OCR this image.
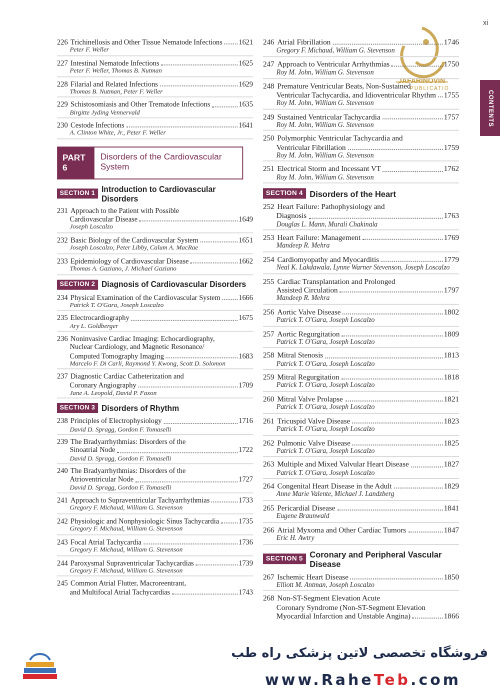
xi
CONTENTS
JAFARINOVIN
PUBLICATIO
226 Trichinellosis and Other Tissue Nematode Infections 1621
Peter F. Weller
227 Intestinal Nematode Infections	1625
Peter F. Weller, Thomas B. Nutman
228 Filarial and Related Infections	1629
Thomas B. Nutman, Peter F. Weller
229 Schistosomiasis and Other Trematode Infections	1635
Birgitte Jyding Vennervald
230 Cestode Infections	1641
A. Clinton White, Jr., Peter F. Weller
PART 6
Disorders of the Cardiovascular System
SECTION 1 Introduction to Cardiovascular Disorders
231 Approach to the Patient with Possible
Cardiovascular Disease	1649
Joseph Loscalzo
232 Basic Biology of the Cardiovascular System	1651
Joseph Loscalzo, Peter Libby, Calum A. MacRae
233 Epidemiology of Cardiovascular Disease	1662
Thomas A. Gaziano, J. Michael Gaziano
SECTION 2 Diagnosis of Cardiovascular Disorders
234 Physical Examination of the Cardiovascular System 1666
Patrick T. O'Gara, Joseph Loscalzo
235 Electrocardiography	1675
Ary L. Goldberger
236 Noninvasive Cardiac Imaging: Echocardiography,
Nuclear Cardiology, and Magnetic Resonance/
Computed Tomography Imaging	1683
Marcelo F. Di Carli, Raymond Y. Kwong, Scott D. Solomon
237 Diagnostic Cardiac Catheterization and
Coronary Angiography	1709
Jane A. Leopold, David P. Faxon
SECTION 3 Disorders of Rhythm
238 Principles of Electrophysiology	1716
David D. Spragg, Gordon F. Tomaselli
239 The Bradyarrhythmias: Disorders of the
Sinoatrial Node	1722
David D. Spragg, Gordon F. Tomaselli
240 The Bradyarrhythmias: Disorders of the
Atrioventricular Node	1727
David D. Spragg, Gordon F. Tomaselli
241 Approach to Supraventricular Tachyarrhythmias	1733
Gregory F. Michaud, William G. Stevenson
242 Physiologic and Nonphysiologic Sinus Tachycardia 1735
Gregory F. Michaud, William G. Stevenson
243 Focal Atrial Tachycardia	1736
Gregory F. Michaud, William G. Stevenson
244 Paroxysmal Supraventricular Tachycardias	1739
Gregory F. Michaud, William G. Stevenson
245 Common Atrial Flutter, Macroreentrant,
and Multifocal Atrial Tachycardias	1743
246 Atrial Fibrillation	1746
Gregory F. Michaud, William G. Stevenson
247 Approach to Ventricular Arrhythmias	1750
Roy M. John, William G. Stevenson
248 Premature Ventricular Beats, Non-Sustained
Ventricular Tachycardia, and Idioventricular Rhythm 1755
Roy M. John, William G. Stevenson
249 Sustained Ventricular Tachycardia	1757
Roy M. John, William G. Stevenson
250 Polymorphic Ventricular Tachycardia and
Ventricular Fibrillation	1759
Roy M. John, William G. Stevenson
251 Electrical Storm and Incessant VT	1762
Roy M. John, William G. Stevenson
SECTION 4 Disorders of the Heart
252 Heart Failure: Pathophysiology and
Diagnosis	1763
Douglas L. Mann, Murali Chakinala
253 Heart Failure: Management	1769
Mandeep R. Mehra
254 Cardiomyopathy and Myocarditis	1779
Neal K. Lakdawala, Lynne Warner Stevenson, Joseph Loscalzo
255 Cardiac Transplantation and Prolonged
Assisted Circulation	1797
Mandeep R. Mehra
256 Aortic Valve Disease	1802
Patrick T. O'Gara, Joseph Loscalzo
257 Aortic Regurgitation	1809
Patrick T. O'Gara, Joseph Loscalzo
258 Mitral Stenosis	1813
Patrick T. O'Gara, Joseph Loscalzo
259 Mitral Regurgitation	1818
Patrick T. O'Gara, Joseph Loscalzo
260 Mitral Valve Prolapse	1821
Patrick T. O'Gara, Joseph Loscalzo
261 Tricuspid Valve Disease	1823
Patrick T. O'Gara, Joseph Loscalzo
262 Pulmonic Valve Disease	1825
Patrick T. O'Gara, Joseph Loscalzo
263 Multiple and Mixed Valvular Heart Disease	1827
Patrick T. O'Gara, Joseph Loscalzo
264 Congenital Heart Disease in the Adult	1829
Anne Marie Valente, Michael J. Landzberg
265 Pericardial Disease	1841
Eugene Braunwald
266 Atrial Myxoma and Other Cardiac Tumors	1847
Eric H. Awtry
SECTION 5
Coronary and Peripheral Vascular Disease
267 Ischemic Heart Disease	1850
Elliott M. Antman, Joseph Loscalzo
268 Non-ST-Segment Elevation Acute
Coronary Syndrome (Non-ST-Segment Elevation
Myocardial Infarction and Unstable Angina)	1866
فروشگاه تخصصی لاتین پزشکی راه طب
www.RaheTeb.com
